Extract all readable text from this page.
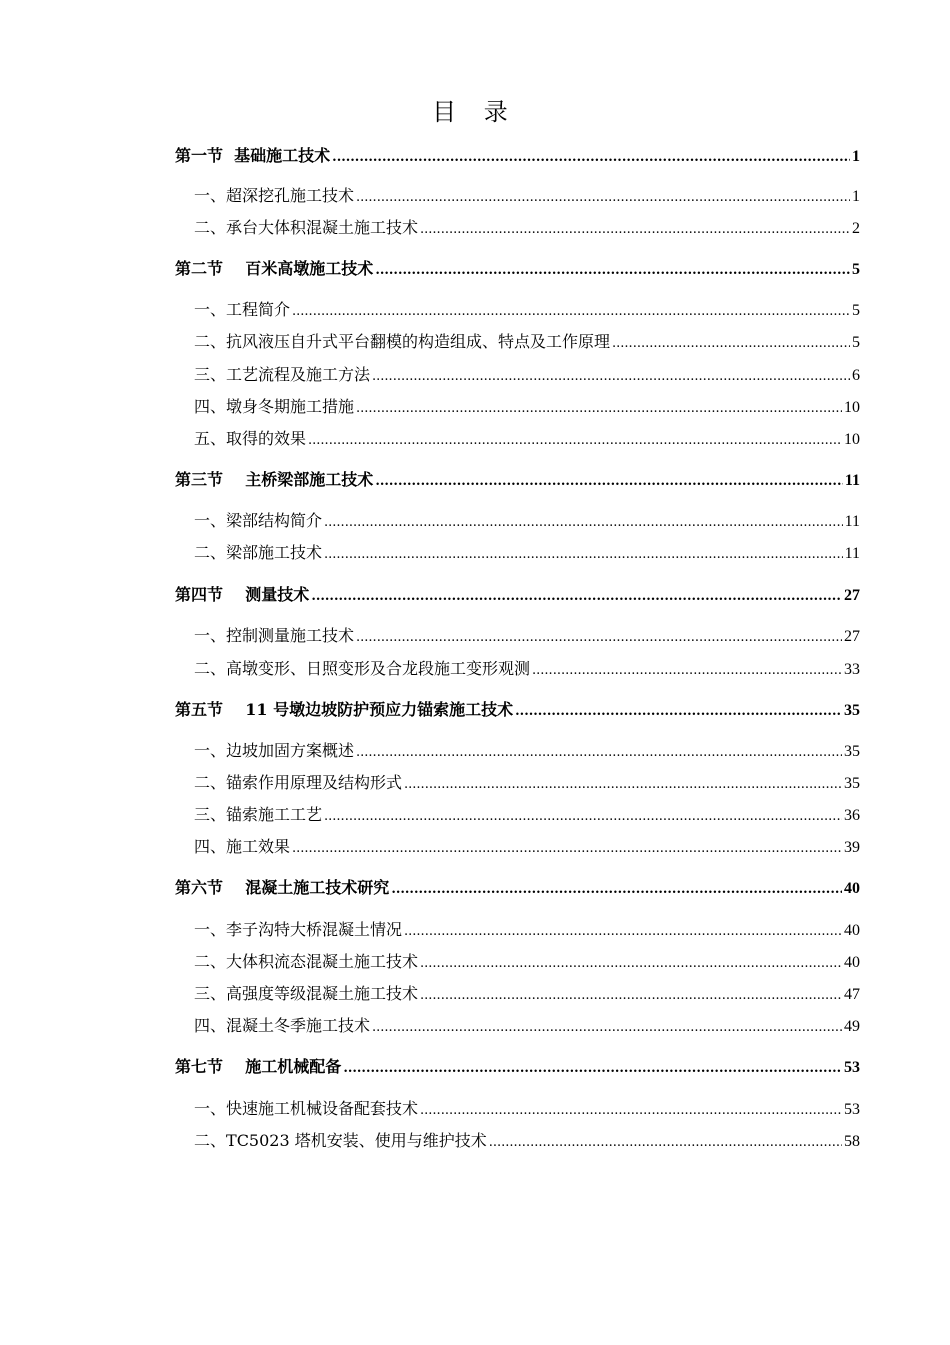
目 录
第一节 基础施工技术 .....	1
一、超深挖孔施工技术 .....	1
二、承台大体积混凝土施工技术 .....	2
第二节 百米高墩施工技术 .....	5
一、工程简介 .....	5
二、抗风液压自升式平台翻模的构造组成、特点及工作原理 .....	5
三、工艺流程及施工方法 .....	6
四、墩身冬期施工措施 .....	10
五、取得的效果 .....	10
第三节 主桥梁部施工技术 .....	11
一、梁部结构简介 .....	11
二、梁部施工技术 .....	11
第四节 测量技术 .....	27
一、控制测量施工技术 .....	27
二、高墩变形、日照变形及合龙段施工变形观测 .....	33
第五节 11 号墩边坡防护预应力锚索施工技术 .....	35
一、边坡加固方案概述 .....	35
二、锚索作用原理及结构形式 .....	35
三、锚索施工工艺 .....	36
四、施工效果 .....	39
第六节 混凝土施工技术研究 .....	40
一、李子沟特大桥混凝土情况 .....	40
二、大体积流态混凝土施工技术 .....	40
三、高强度等级混凝土施工技术 .....	47
四、混凝土冬季施工技术 .....	49
第七节 施工机械配备 .....	53
一、快速施工机械设备配套技术 .....	53
二、TC5023 塔机安装、使用与维护技术 .....	58
